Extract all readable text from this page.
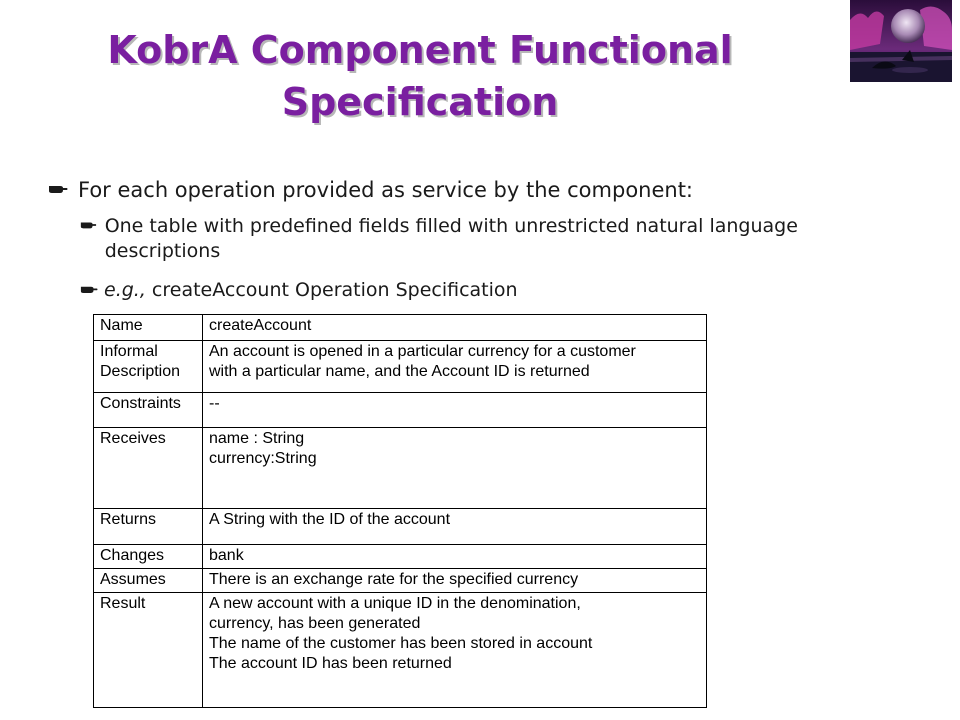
KobrA Component Functional Specification
For each operation provided as service by the component:
One table with predefined fields filled with unrestricted natural language descriptions
e.g., createAccount Operation Specification
Name	createAccount
Informal
Description	An account is opened in a particular currency for a customer
with a particular name, and the Account ID is returned
Constraints	--
Receives	name : String
currency:String
Returns	A String with the ID of the account
Changes	bank
Assumes	There is an exchange rate for the specified currency
Result	A new account with a unique ID in the denomination,
currency, has been generated
The name of the customer has been stored in account
The account ID has been returned
